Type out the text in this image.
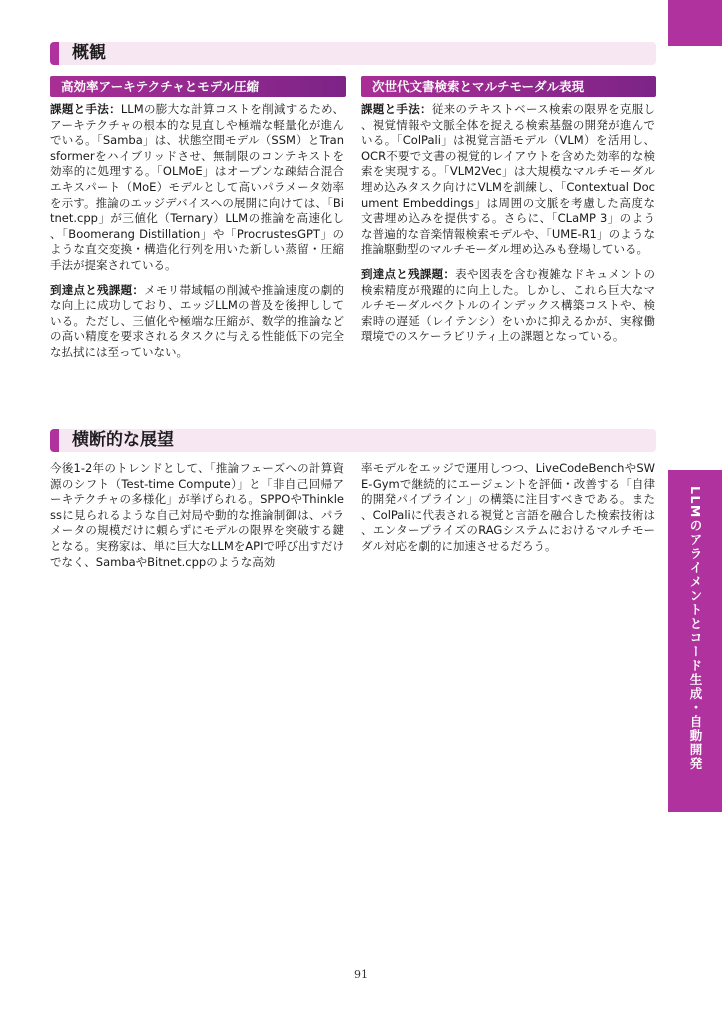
LLMのアライメントとコード生成・自動開発
概観
高効率アーキテクチャとモデル圧縮	次世代文書検索とマルチモーダル表現

課題と手法：LLMの膨大な計算コストを削減するため、アーキテクチャの根本的な見直しや極端な軽量化が進んでいる。「Samba」は、状態空間モデル（SSM）とTransformerをハイブリッドさせ、無制限のコンテキストを効率的に処理する。「OLMoE」はオープンな疎結合混合エキスパート（MoE）モデルとして高いパラメータ効率を示す。推論のエッジデバイスへの展開に向けては、「Bitnet.cpp」が三値化（Ternary）LLMの推論を高速化し、「Boomerang Distillation」や「ProcrustesGPT」のような直交変換・構造化行列を用いた新しい蒸留・圧縮手法が提案されている。

到達点と残課題：メモリ帯域幅の削減や推論速度の劇的な向上に成功しており、エッジLLMの普及を後押ししている。ただし、三値化や極端な圧縮が、数学的推論などの高い精度を要求されるタスクに与える性能低下の完全な払拭には至っていない。

課題と手法：従来のテキストベース検索の限界を克服し、視覚情報や文脈全体を捉える検索基盤の開発が進んでいる。「ColPali」は視覚言語モデル（VLM）を活用し、OCR不要で文書の視覚的レイアウトを含めた効率的な検索を実現する。「VLM2Vec」は大規模なマルチモーダル埋め込みタスク向けにVLMを訓練し、「Contextual Document Embeddings」は周囲の文脈を考慮した高度な文書埋め込みを提供する。さらに、「CLaMP 3」のような普遍的な音楽情報検索モデルや、「UME-R1」のような推論駆動型のマルチモーダル埋め込みも登場している。

到達点と残課題：表や図表を含む複雑なドキュメントの検索精度が飛躍的に向上した。しかし、これら巨大なマルチモーダルベクトルのインデックス構築コストや、検索時の遅延（レイテンシ）をいかに抑えるかが、実稼働環境でのスケーラビリティ上の課題となっている。

横断的な展望

今後1-2年のトレンドとして、「推論フェーズへの計算資源のシフト（Test-time Compute）」と「非自己回帰アーキテクチャの多様化」が挙げられる。SPPOやThinklessに見られるような自己対局や動的な推論制御は、パラメータの規模だけに頼らずにモデルの限界を突破する鍵となる。実務家は、単に巨大なLLMをAPIで呼び出すだけでなく、SambaやBitnet.cppのような高効

率モデルをエッジで運用しつつ、LiveCodeBenchやSWE-Gymで継続的にエージェントを評価・改善する「自律的開発パイプライン」の構築に注目すべきである。また、ColPaliに代表される視覚と言語を融合した検索技術は、エンタープライズのRAGシステムにおけるマルチモーダル対応を劇的に加速させるだろう。

91
